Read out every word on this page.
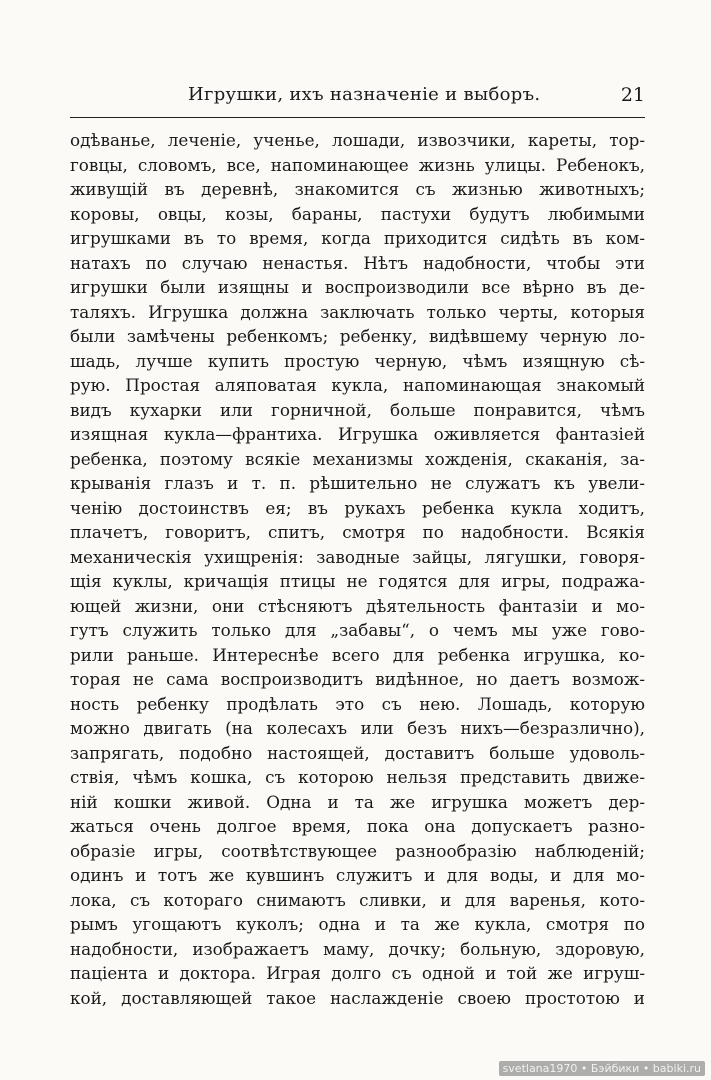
Игрушки, ихъ назначенiе и выборъ.	21
одѣванье, леченiе, ученье, лошади, извозчики, кареты, тор-
говцы, словомъ, все, напоминающее жизнь улицы. Ребенокъ,
живущiй въ деревнѣ, знакомится съ жизнью животныхъ;
коровы, овцы, козы, бараны, пастухи будутъ любимыми
игрушками въ то время, когда приходится сидѣть въ ком-
натахъ по случаю ненастья. Нѣтъ надобности, чтобы эти
игрушки были изящны и воспроизводили все вѣрно въ де-
таляхъ. Игрушка должна заключать только черты, которыя
были замѣчены ребенкомъ; ребенку, видѣвшему черную ло-
шадь, лучше купить простую черную, чѣмъ изящную сѣ-
рую. Простая аляповатая кукла, напоминающая знакомый
видъ кухарки или горничной, больше понравится, чѣмъ
изящная кукла—франтиха. Игрушка оживляется фантазiей
ребенка, поэтому всякiе механизмы хожденiя, скаканiя, за-
крыванiя глазъ и т. п. рѣшительно не служатъ къ увели-
ченiю достоинствъ ея; въ рукахъ ребенка кукла ходитъ,
плачетъ, говоритъ, спитъ, смотря по надобности. Всякiя
механическiя ухищренiя: заводные зайцы, лягушки, говоря-
щiя куклы, кричащiя птицы не годятся для игры, подража-
ющей жизни, они стѣсняютъ дѣятельность фантазiи и мо-
гутъ служить только для „забавы“, о чемъ мы уже гово-
рили раньше. Интереснѣе всего для ребенка игрушка, ко-
торая не сама воспроизводитъ видѣнное, но даетъ возмож-
ность ребенку продѣлать это съ нею. Лошадь, которую
можно двигать (на колесахъ или безъ нихъ—безразлично),
запрягать, подобно настоящей, доставитъ больше удоволь-
ствiя, чѣмъ кошка, съ которою нельзя представить движе-
нiй кошки живой. Одна и та же игрушка можетъ дер-
жаться очень долгое время, пока она допускаетъ разно-
образiе игры, соотвѣтствующее разнообразiю наблюденiй;
одинъ и тотъ же кувшинъ служитъ и для воды, и для мо-
лока, съ котораго снимаютъ сливки, и для варенья, кото-
рымъ угощаютъ куколъ; одна и та же кукла, смотря по
надобности, изображаетъ маму, дочку; больную, здоровую,
пацiента и доктора. Играя долго съ одной и той же игруш-
кой, доставляющей такое наслажденiе своею простотою и
svetlana1970 • Бэйбики • babiki.ru
